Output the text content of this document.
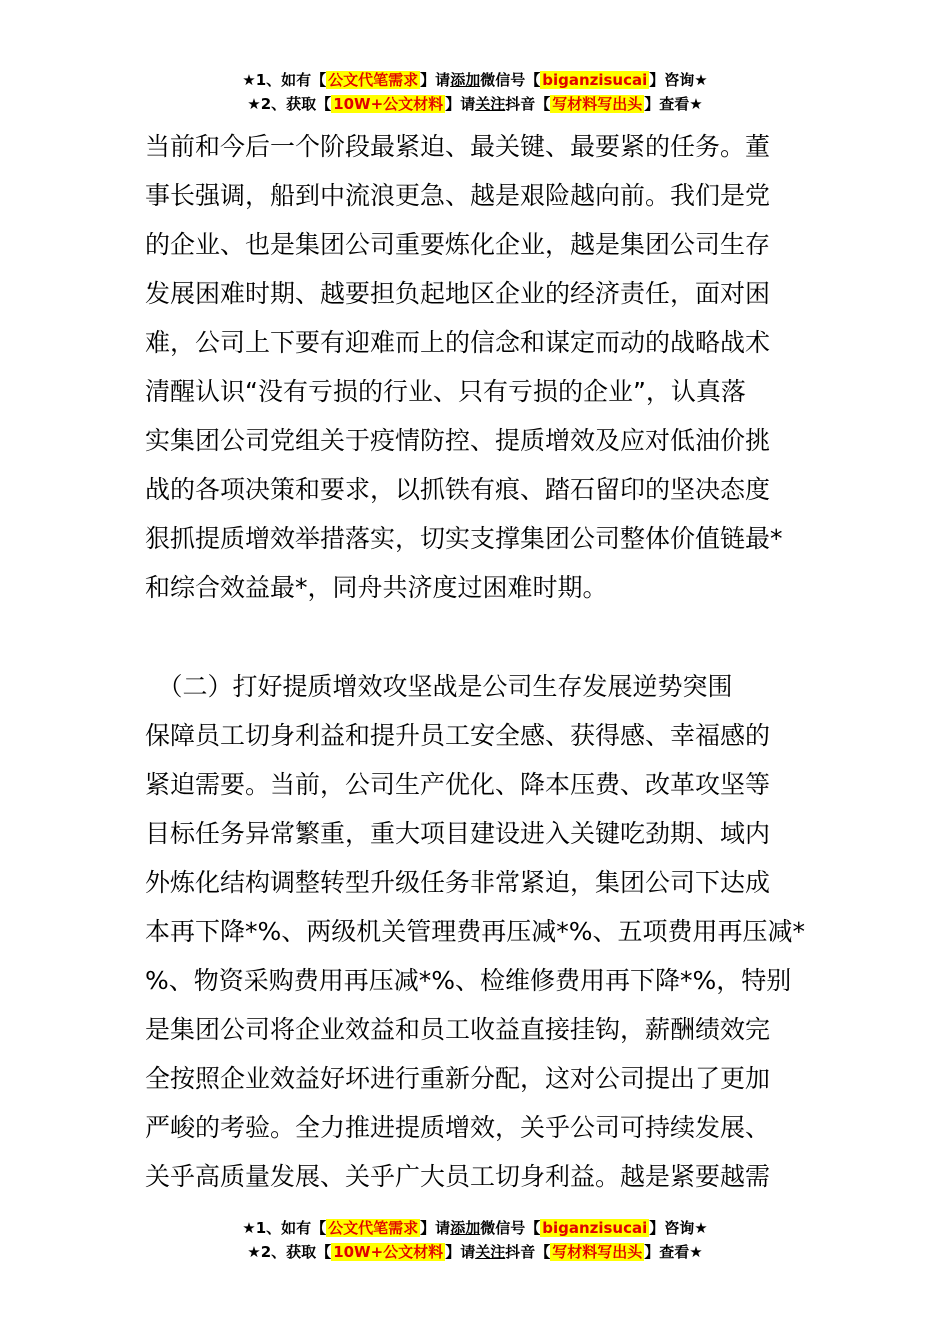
★1、如有【 公文代笔需求 】请添加微信号【 biganzisucai 】咨询★
★2、获取【 10W+公文材料 】请关注抖音【 写材料写出头 】查看★
当前和今后一个阶段最紧迫、最关键、最要紧的任务。董
事长强调，船到中流浪更急、越是艰险越向前。我们是党
的企业、也是集团公司重要炼化企业，越是集团公司生存
发展困难时期、越要担负起地区企业的经济责任，面对困
难，公司上下要有迎难而上的信念和谋定而动的战略战术
清醒认识“没有亏损的行业、只有亏损的企业”，认真落
实集团公司党组关于疫情防控、提质增效及应对低油价挑
战的各项决策和要求，以抓铁有痕、踏石留印的坚决态度
狠抓提质增效举措落实，切实支撑集团公司整体价值链最*
和综合效益最*，同舟共济度过困难时期。
　（二）打好提质增效攻坚战是公司生存发展逆势突围
保障员工切身利益和提升员工安全感、获得感、幸福感的
紧迫需要。当前，公司生产优化、降本压费、改革攻坚等
目标任务异常繁重，重大项目建设进入关键吃劲期、域内
外炼化结构调整转型升级任务非常紧迫，集团公司下达成
本再下降*%、两级机关管理费再压减*%、五项费用再压减*
%、物资采购费用再压减*%、检维修费用再下降*%，特别
是集团公司将企业效益和员工收益直接挂钩，薪酬绩效完
全按照企业效益好坏进行重新分配，这对公司提出了更加
严峻的考验。全力推进提质增效，关乎公司可持续发展、
关乎高质量发展、关乎广大员工切身利益。越是紧要越需
★1、如有【 公文代笔需求 】请添加微信号【 biganzisucai 】咨询★
★2、获取【 10W+公文材料 】请关注抖音【 写材料写出头 】查看★
